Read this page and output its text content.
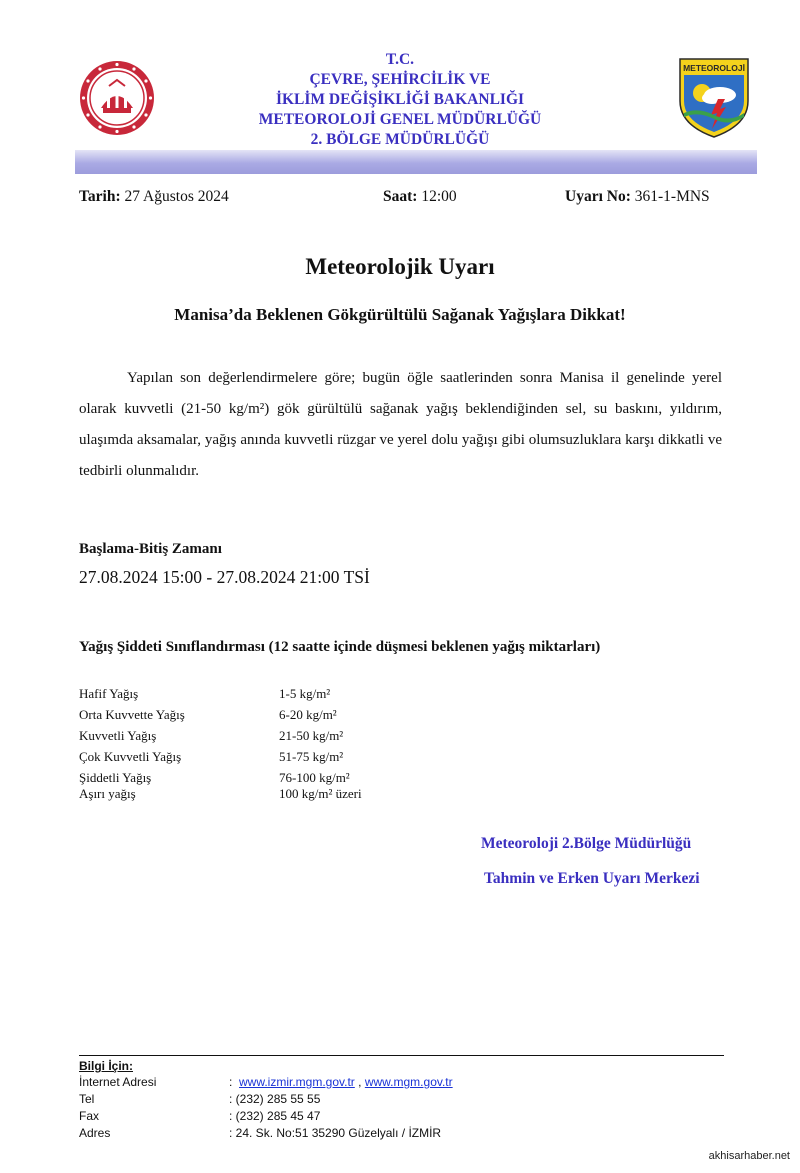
T.C.
ÇEVRE, ŞEHİRCİLİK VE
İKLİM DEĞİŞİKLİĞİ BAKANLIĞI
METEOROLOJİ GENEL MÜDÜRLÜĞÜ
2. BÖLGE MÜDÜRLÜĞÜ
METEOROLOJİ
Tarih: 27 Ağustos 2024	Saat: 12:00	Uyarı No: 361-1-MNS
Meteorolojik Uyarı
Manisa’da Beklenen Gökgürültülü Sağanak Yağışlara Dikkat!
Yapılan son değerlendirmelere göre; bugün öğle saatlerinden sonra Manisa il genelinde yerel olarak kuvvetli (21-50 kg/m²) gök gürültülü sağanak yağış beklendiğinden sel, su baskını, yıldırım, ulaşımda aksamalar, yağış anında kuvvetli rüzgar ve yerel dolu yağışı gibi olumsuzluklara karşı dikkatli ve tedbirli olunmalıdır.
Başlama-Bitiş Zamanı
27.08.2024 15:00 - 27.08.2024 21:00 TSİ
Yağış Şiddeti Sınıflandırması (12 saatte içinde düşmesi beklenen yağış miktarları)
Hafif Yağış	1-5 kg/m²
Orta Kuvvette Yağış	6-20 kg/m²
Kuvvetli Yağış	21-50 kg/m²
Çok Kuvvetli Yağış	51-75 kg/m²
Şiddetli Yağış	76-100 kg/m²
Aşırı yağış	100 kg/m² üzeri
Meteoroloji 2.Bölge Müdürlüğü
Tahmin ve Erken Uyarı Merkezi
Bilgi İçin:
İnternet Adresi	: www.izmir.mgm.gov.tr , www.mgm.gov.tr
Tel	: (232) 285 55 55
Fax	: (232) 285 45 47
Adres	: 24. Sk. No:51 35290 Güzelyalı / İZMİR
akhisarhaber.net
